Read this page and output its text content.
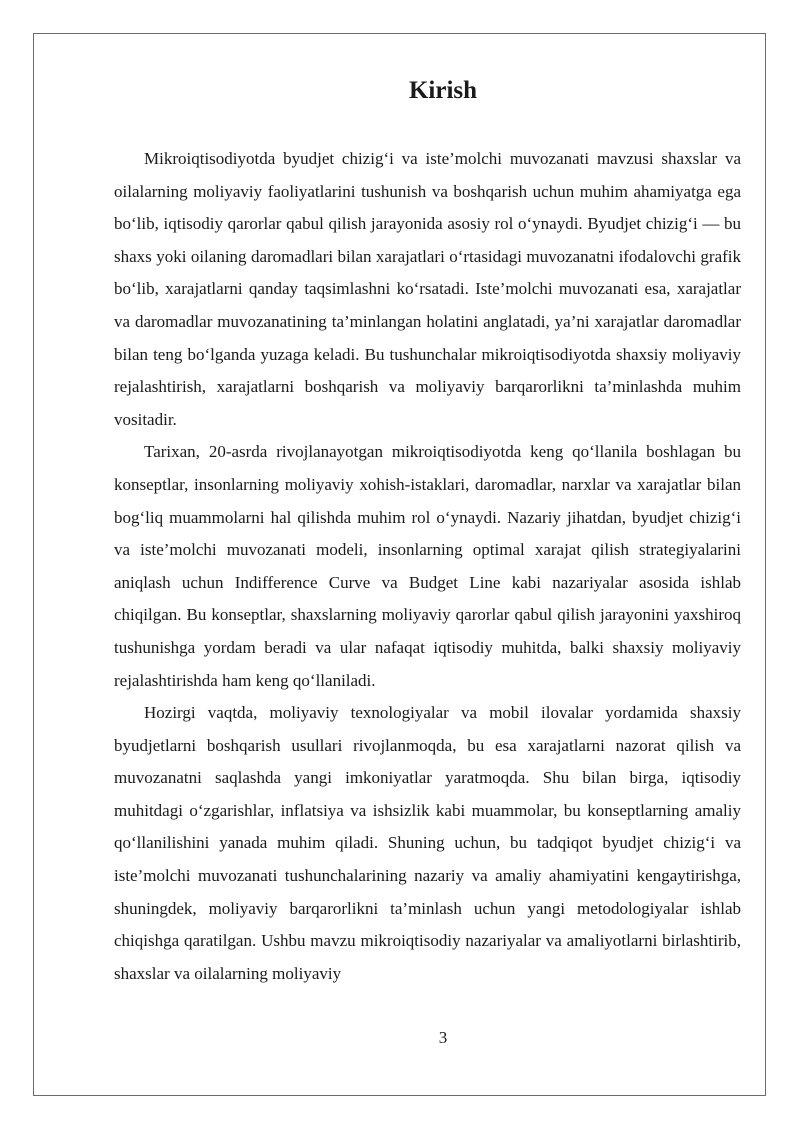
Kirish

Mikroiqtisodiyotda byudjet chizig‘i va iste’molchi muvozanati mavzusi shaxslar va oilalarning moliyaviy faoliyatlarini tushunish va boshqarish uchun muhim ahamiyatga ega bo‘lib, iqtisodiy qarorlar qabul qilish jarayonida asosiy rol o‘ynaydi. Byudjet chizig‘i — bu shaxs yoki oilaning daromadlari bilan xarajatlari o‘rtasidagi muvozanatni ifodalovchi grafik bo‘lib, xarajatlarni qanday taqsimlashni ko‘rsatadi. Iste’molchi muvozanati esa, xarajatlar va daromadlar muvozanatining ta’minlangan holatini anglatadi, ya’ni xarajatlar daromadlar bilan teng bo‘lganda yuzaga keladi. Bu tushunchalar mikroiqtisodiyotda shaxsiy moliyaviy rejalashtirish, xarajatlarni boshqarish va moliyaviy barqarorlikni ta’minlashda muhim vositadir.

Tarixan, 20-asrda rivojlanayotgan mikroiqtisodiyotda keng qo‘llanila boshlagan bu konseptlar, insonlarning moliyaviy xohish-istaklari, daromadlar, narxlar va xarajatlar bilan bog‘liq muammolarni hal qilishda muhim rol o‘ynaydi. Nazariy jihatdan, byudjet chizig‘i va iste’molchi muvozanati modeli, insonlarning optimal xarajat qilish strategiyalarini aniqlash uchun Indifference Curve va Budget Line kabi nazariyalar asosida ishlab chiqilgan. Bu konseptlar, shaxslarning moliyaviy qarorlar qabul qilish jarayonini yaxshiroq tushunishga yordam beradi va ular nafaqat iqtisodiy muhitda, balki shaxsiy moliyaviy rejalashtirishda ham keng qo‘llaniladi.

Hozirgi vaqtda, moliyaviy texnologiyalar va mobil ilovalar yordamida shaxsiy byudjetlarni boshqarish usullari rivojlanmoqda, bu esa xarajatlarni nazorat qilish va muvozanatni saqlashda yangi imkoniyatlar yaratmoqda. Shu bilan birga, iqtisodiy muhitdagi o‘zgarishlar, inflatsiya va ishsizlik kabi muammolar, bu konseptlarning amaliy qo‘llanilishini yanada muhim qiladi. Shuning uchun, bu tadqiqot byudjet chizig‘i va iste’molchi muvozanati tushunchalarining nazariy va amaliy ahamiyatini kengaytirishga, shuningdek, moliyaviy barqarorlikni ta’minlash uchun yangi metodologiyalar ishlab chiqishga qaratilgan. Ushbu mavzu mikroiqtisodiy nazariyalar va amaliyotlarni birlashtirib, shaxslar va oilalarning moliyaviy

3
